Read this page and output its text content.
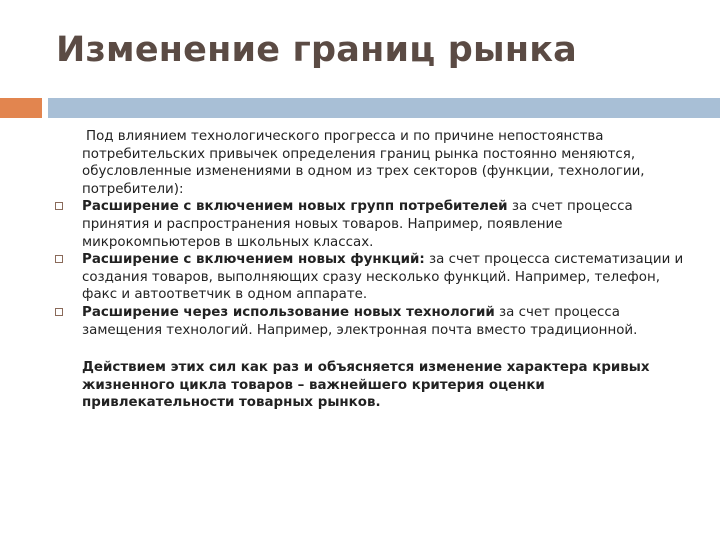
Изменение границ рынка

Под влиянием технологического прогресса и по причине непостоянства потребительских привычек определения границ рынка постоянно меняются, обусловленные изменениями в одном из трех секторов (функции, технологии, потребители):

Расширение с включением новых групп потребителей за счет процесса принятия и распространения новых товаров. Например, появление микрокомпьютеров в школьных классах.

Расширение с включением новых функций: за счет процесса систематизации и создания товаров, выполняющих сразу несколько функций. Например, телефон, факс и автоответчик в одном аппарате.

Расширение через использование новых технологий за счет процесса замещения технологий. Например, электронная почта вместо традиционной.

Действием этих сил как раз и объясняется изменение характера кривых жизненного цикла товаров – важнейшего критерия оценки привлекательности товарных рынков.
